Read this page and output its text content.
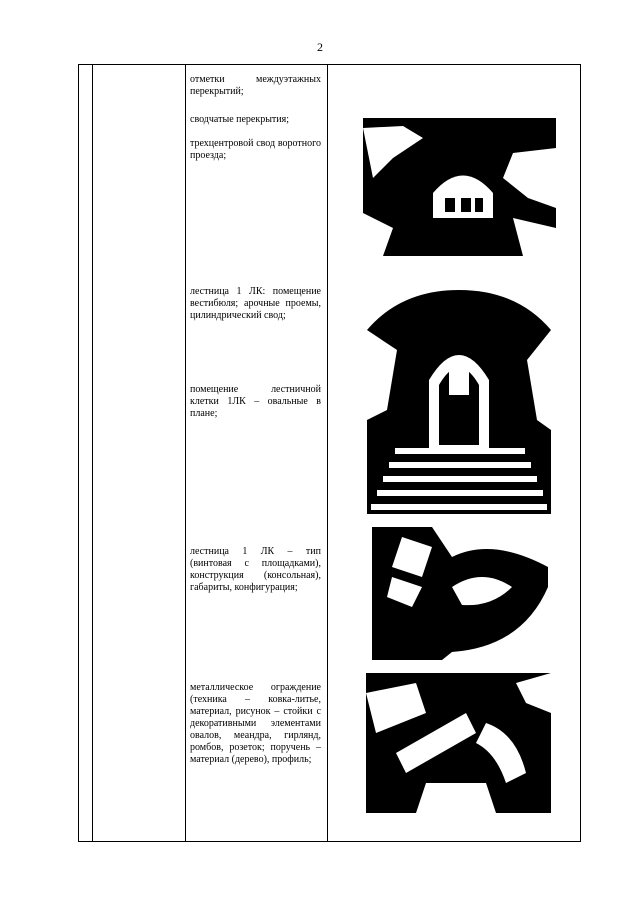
2
отметки междуэтажных перекрытий;
сводчатые перекрытия;
трехцентровой свод воротного проезда;
лестница 1 ЛК: помещение вестибюля; арочные проемы, цилиндрический свод;
помещение лестничной клетки 1ЛК – овальные в плане;
лестница 1 ЛК – тип (винтовая с площадками), конструкция (консольная), габариты, конфигурация;
металлическое ограждение (техника – ковка-литье, материал, рисунок – стойки с декоративными элементами овалов, меандра, гирлянд, ромбов, розеток; поручень – материал (дерево), профиль;
